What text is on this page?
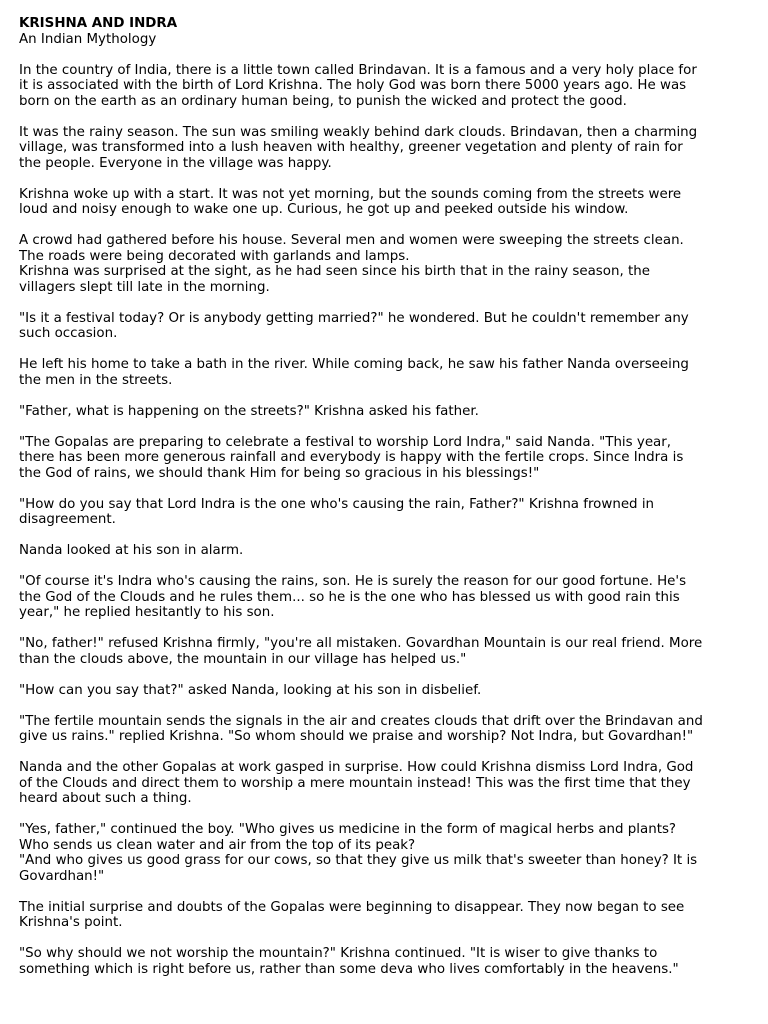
KRISHNA AND INDRA
An Indian Mythology
In the country of India, there is a little town called Brindavan. It is a famous and a very holy place for
it is associated with the birth of Lord Krishna. The holy God was born there 5000 years ago. He was
born on the earth as an ordinary human being, to punish the wicked and protect the good.
It was the rainy season. The sun was smiling weakly behind dark clouds. Brindavan, then a charming
village, was transformed into a lush heaven with healthy, greener vegetation and plenty of rain for
the people. Everyone in the village was happy.
Krishna woke up with a start. It was not yet morning, but the sounds coming from the streets were
loud and noisy enough to wake one up. Curious, he got up and peeked outside his window.
A crowd had gathered before his house. Several men and women were sweeping the streets clean.
The roads were being decorated with garlands and lamps.
Krishna was surprised at the sight, as he had seen since his birth that in the rainy season, the
villagers slept till late in the morning.
"Is it a festival today? Or is anybody getting married?" he wondered. But he couldn't remember any
such occasion.
He left his home to take a bath in the river. While coming back, he saw his father Nanda overseeing
the men in the streets.
"Father, what is happening on the streets?" Krishna asked his father.
"The Gopalas are preparing to celebrate a festival to worship Lord Indra," said Nanda. "This year,
there has been more generous rainfall and everybody is happy with the fertile crops. Since Indra is
the God of rains, we should thank Him for being so gracious in his blessings!"
"How do you say that Lord Indra is the one who's causing the rain, Father?" Krishna frowned in
disagreement.
Nanda looked at his son in alarm.
"Of course it's Indra who's causing the rains, son. He is surely the reason for our good fortune. He's
the God of the Clouds and he rules them... so he is the one who has blessed us with good rain this
year," he replied hesitantly to his son.
"No, father!" refused Krishna firmly, "you're all mistaken. Govardhan Mountain is our real friend. More
than the clouds above, the mountain in our village has helped us."
"How can you say that?" asked Nanda, looking at his son in disbelief.
"The fertile mountain sends the signals in the air and creates clouds that drift over the Brindavan and
give us rains." replied Krishna. "So whom should we praise and worship? Not Indra, but Govardhan!"
Nanda and the other Gopalas at work gasped in surprise. How could Krishna dismiss Lord Indra, God
of the Clouds and direct them to worship a mere mountain instead! This was the first time that they
heard about such a thing.
"Yes, father," continued the boy. "Who gives us medicine in the form of magical herbs and plants?
Who sends us clean water and air from the top of its peak?
"And who gives us good grass for our cows, so that they give us milk that's sweeter than honey? It is
Govardhan!"
The initial surprise and doubts of the Gopalas were beginning to disappear. They now began to see
Krishna's point.
"So why should we not worship the mountain?" Krishna continued. "It is wiser to give thanks to
something which is right before us, rather than some deva who lives comfortably in the heavens."
